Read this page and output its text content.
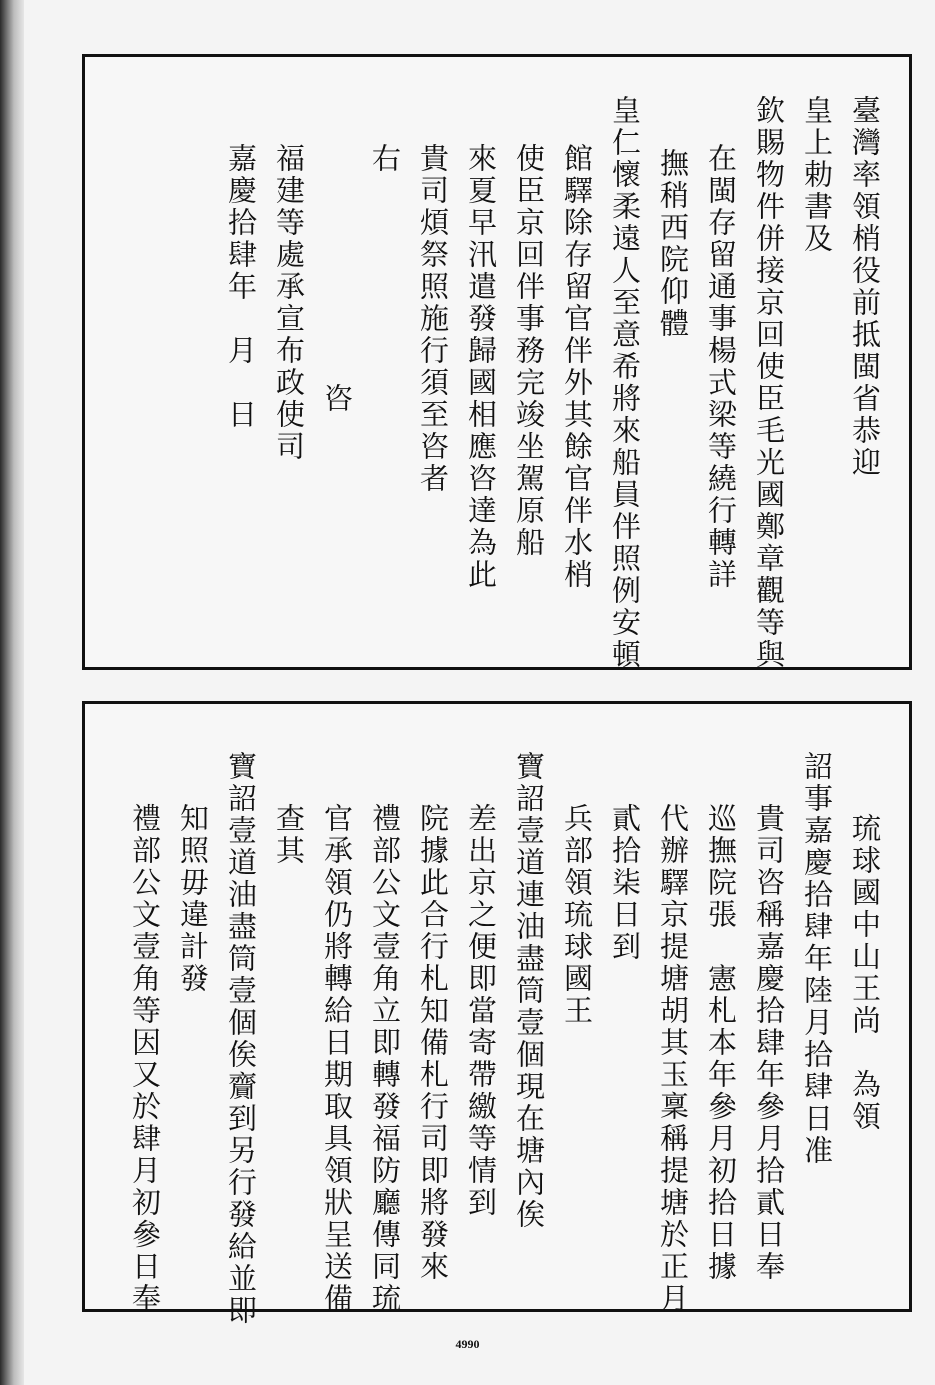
臺灣率領梢役前抵閩省恭迎
皇上勅書及
欽賜物件併接京回使臣毛光國鄭章觀等與
在閩存留通事楊式梁等繞行轉詳
撫稍西院仰體
皇仁懷柔遠人至意希將來船員伴照例安頓
館驛除存留官伴外其餘官伴水梢
使臣京回伴事務完竣坐駕原船
來夏早汛遣發歸國相應咨達為此
貴司煩祭照施行須至咨者
右
咨
福建等處承宣布政使司
嘉慶拾肆年　月　日
琉球國中山王尚　為領
詔事嘉慶拾肆年陸月拾肆日准
貴司咨稱嘉慶拾肆年參月拾貳日奉
巡撫院張　憲札本年參月初拾日據
代辦驛京提塘胡其玉稟稱提塘於正月
貳拾柒日到
兵部領琉球國王
寶詔壹道連油盡筒壹個現在塘內俟
差出京之便即當寄帶繳等情到
院據此合行札知備札行司即將發來
禮部公文壹角立即轉發福防廳傳同琉
官承領仍將轉給日期取具領狀呈送備
查其
寶詔壹道油盡筒壹個俟齎到另行發給並即
知照毋違計發
禮部公文壹角等因又於肆月初參日奉
4990
